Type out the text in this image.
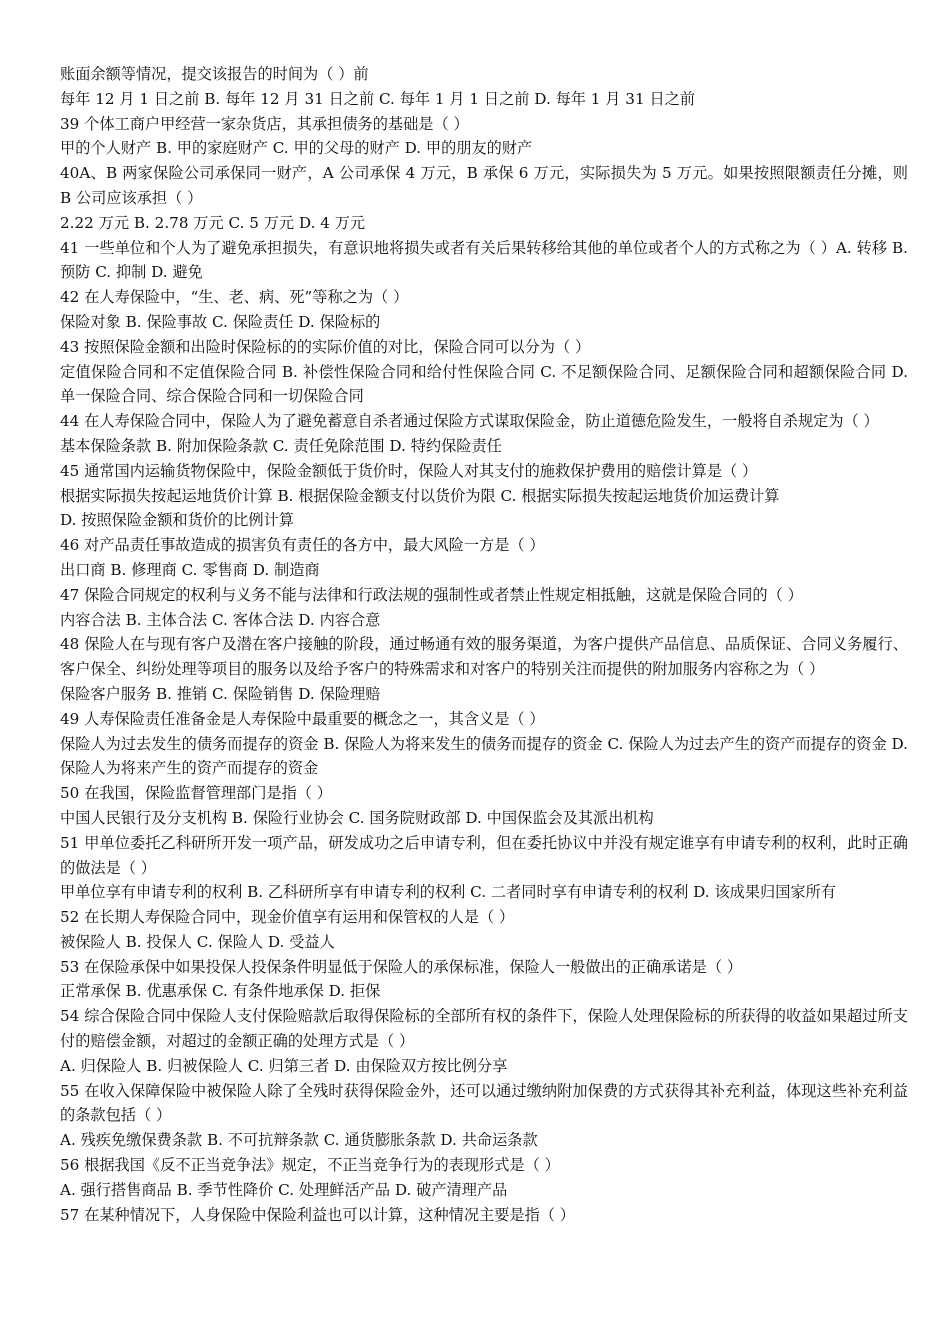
账面余额等情况，提交该报告的时间为（ ）前

每年 12 月 1 日之前 B. 每年 12 月 31 日之前 C. 每年 1 月 1 日之前 D. 每年 1 月 31 日之前

39 个体工商户甲经营一家杂货店，其承担债务的基础是（ ）

甲的个人财产 B. 甲的家庭财产 C. 甲的父母的财产 D. 甲的朋友的财产

40A、B 两家保险公司承保同一财产，A 公司承保 4 万元，B 承保 6 万元，实际损失为 5 万元。如果按照限额责任分摊，则 B 公司应该承担（ ）

2.22 万元 B. 2.78 万元 C. 5 万元 D. 4 万元

41 一些单位和个人为了避免承担损失，有意识地将损失或者有关后果转移给其他的单位或者个人的方式称之为（ ）A. 转移 B. 预防 C. 抑制 D. 避免

42 在人寿保险中，“生、老、病、死”等称之为（ ）

保险对象 B. 保险事故 C. 保险责任 D. 保险标的

43 按照保险金额和出险时保险标的的实际价值的对比，保险合同可以分为（ ）

定值保险合同和不定值保险合同 B. 补偿性保险合同和给付性保险合同 C. 不足额保险合同、足额保险合同和超额保险合同 D. 单一保险合同、综合保险合同和一切保险合同

44 在人寿保险合同中，保险人为了避免蓄意自杀者通过保险方式谋取保险金，防止道德危险发生，一般将自杀规定为（ ）

基本保险条款 B. 附加保险条款 C. 责任免除范围 D. 特约保险责任

45 通常国内运输货物保险中，保险金额低于货价时，保险人对其支付的施救保护费用的赔偿计算是（ ）

根据实际损失按起运地货价计算 B. 根据保险金额支付以货价为限 C. 根据实际损失按起运地货价加运费计算

D. 按照保险金额和货价的比例计算

46 对产品责任事故造成的损害负有责任的各方中，最大风险一方是（ ）

出口商 B. 修理商 C. 零售商 D. 制造商

47 保险合同规定的权利与义务不能与法律和行政法规的强制性或者禁止性规定相抵触，这就是保险合同的（ ）

内容合法 B. 主体合法 C. 客体合法 D. 内容合意

48 保险人在与现有客户及潜在客户接触的阶段，通过畅通有效的服务渠道，为客户提供产品信息、品质保证、合同义务履行、客户保全、纠纷处理等项目的服务以及给予客户的特殊需求和对客户的特别关注而提供的附加服务内容称之为（ ）

保险客户服务 B. 推销 C. 保险销售 D. 保险理赔

49 人寿保险责任准备金是人寿保险中最重要的概念之一，其含义是（ ）

保险人为过去发生的债务而提存的资金 B. 保险人为将来发生的债务而提存的资金 C. 保险人为过去产生的资产而提存的资金 D. 保险人为将来产生的资产而提存的资金

50 在我国，保险监督管理部门是指（ ）

中国人民银行及分支机构 B. 保险行业协会 C. 国务院财政部 D. 中国保监会及其派出机构

51 甲单位委托乙科研所开发一项产品，研发成功之后申请专利，但在委托协议中并没有规定谁享有申请专利的权利，此时正确的做法是（ ）

甲单位享有申请专利的权利 B. 乙科研所享有申请专利的权利 C. 二者同时享有申请专利的权利 D. 该成果归国家所有

52 在长期人寿保险合同中，现金价值享有运用和保管权的人是（ ）

被保险人 B. 投保人 C. 保险人 D. 受益人

53 在保险承保中如果投保人投保条件明显低于保险人的承保标准，保险人一般做出的正确承诺是（ ）

正常承保 B. 优惠承保 C. 有条件地承保 D. 拒保

54 综合保险合同中保险人支付保险赔款后取得保险标的全部所有权的条件下，保险人处理保险标的所获得的收益如果超过所支付的赔偿金额，对超过的金额正确的处理方式是（ ）

A. 归保险人 B. 归被保险人 C. 归第三者 D. 由保险双方按比例分享

55 在收入保障保险中被保险人除了全残时获得保险金外，还可以通过缴纳附加保费的方式获得其补充利益，体现这些补充利益的条款包括（ ）

A. 残疾免缴保费条款 B. 不可抗辩条款 C. 通货膨胀条款 D. 共命运条款

56 根据我国《反不正当竞争法》规定，不正当竞争行为的表现形式是（ ）

A. 强行搭售商品 B. 季节性降价 C. 处理鲜活产品 D. 破产清理产品

57 在某种情况下，人身保险中保险利益也可以计算，这种情况主要是指（ ）
